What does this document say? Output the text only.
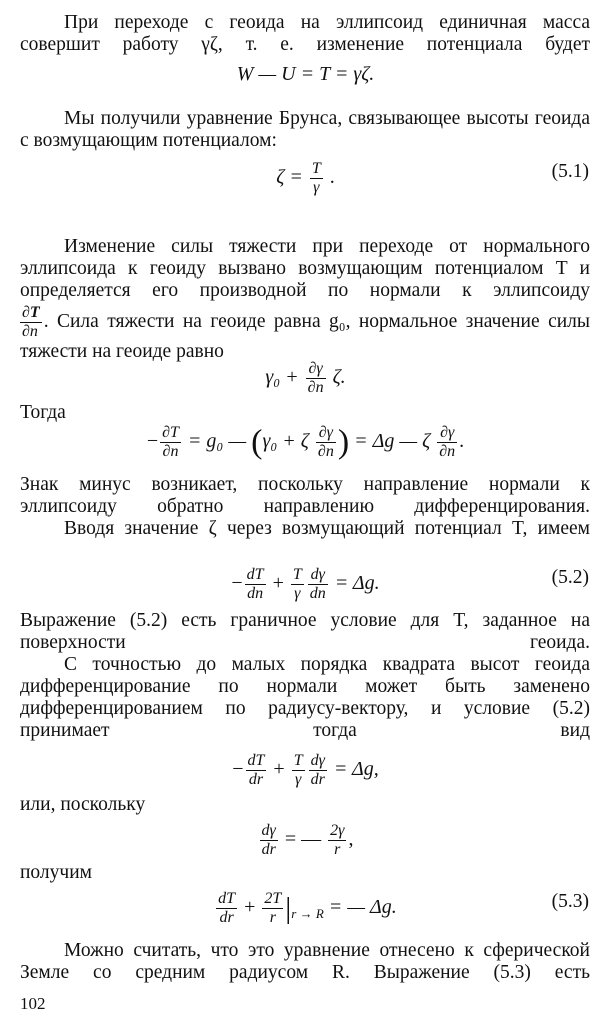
При переходе с геоида на эллипсоид единичная масса совершит работу γζ, т. е. изменение потенциала будет
W — U = T = γζ.
Мы получили уравнение Брунса, связывающее высоты геоида с возмущающим потенциалом:
$\zeta = \frac{T}{\gamma}$ .	(5.1)
Изменение силы тяжести при переходе от нормального эллипсоида к геоиду вызвано возмущающим потенциалом T и определяется его производной по нормали к эллипсоиду
$\frac{\partial T}{\partial n}$ . Сила тяжести на геоиде равна g₀, нормальное значение силы тяжести на геоиде равно
$\gamma_0 + \frac{\partial\gamma}{\partial n} \zeta$.
Тогда
− $\frac{\partial T}{\partial n} = g_0$ — (γ₀ + ζ $\frac{\partial\gamma}{\partial n}$ ) = Δg — ζ $\frac{\partial\gamma}{\partial n}$ .
Знак минус возникает, поскольку направление нормали к эллипсоиду обратно направлению дифференцирования.
Вводя значение ζ через возмущающий потенциал T, имеем
− $\frac{dT}{dn} + \frac{T}{\gamma} \frac{d\gamma}{dn} = \Delta g$.	(5.2)
Выражение (5.2) есть граничное условие для T, заданное на поверхности геоида.
С точностью до малых порядка квадрата высот геоида дифференцирование по нормали может быть заменено дифференцированием по радиусу-вектору, и условие (5.2) принимает тогда вид
− $\frac{dT}{dr} + \frac{T}{\gamma} \frac{d\gamma}{dr} = \Delta g$,
или, поскольку
$\frac{d\gamma}{dr}$ = — $\frac{2\gamma}{r}$ ,
получим
$\frac{dT}{dr} + \frac{2T}{r} |_{r \to R}$ = — Δg.	(5.3)
Можно считать, что это уравнение отнесено к сферической Земле со средним радиусом R. Выражение (5.3) есть
102
